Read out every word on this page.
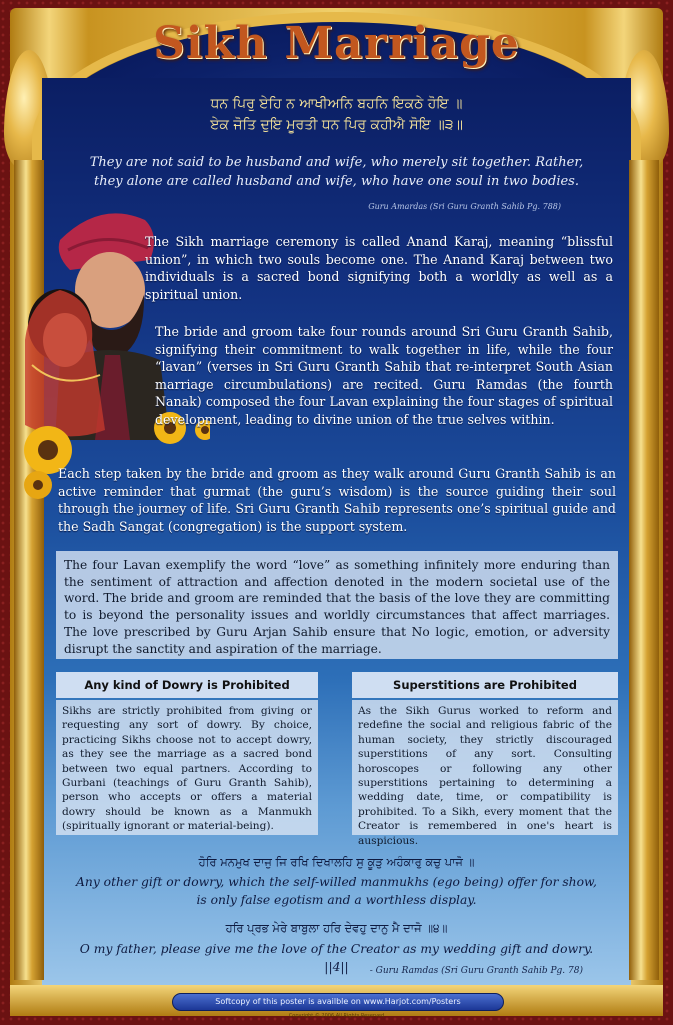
Sikh Marriage
ਧਨ ਪਿਰੁ ਏਹਿ ਨ ਆਖੀਅਨਿ ਬਹਨਿ ਇਕਠੇ ਹੋਇ ॥
ਏਕ ਜੋਤਿ ਦੁਇ ਮੂਰਤੀ ਧਨ ਪਿਰੁ ਕਹੀਐ ਸੋਇ ॥੩॥
They are not said to be husband and wife, who merely sit together. Rather,
they alone are called husband and wife, who have one soul in two bodies.
Guru Amardas (Sri Guru Granth Sahib Pg. 788)
The Sikh marriage ceremony is called Anand Karaj, meaning “blissful union”, in which two souls become one. The Anand Karaj between two individuals is a sacred bond signifying both a worldly as well as a spiritual union.
The bride and groom take four rounds around Sri Guru Granth Sahib, signifying their commitment to walk together in life, while the four “lavan” (verses in Sri Guru Granth Sahib that re-interpret South Asian marriage circumbulations) are recited. Guru Ramdas (the fourth Nanak) composed the four Lavan explaining the four stages of spiritual development, leading to divine union of the true selves within.
Each step taken by the bride and groom as they walk around Guru Granth Sahib is an active reminder that gurmat (the guru’s wisdom) is the source guiding their soul through the journey of life. Sri Guru Granth Sahib represents one’s spiritual guide and the Sadh Sangat (congregation) is the support system.
The four Lavan exemplify the word “love” as something infinitely more enduring than the sentiment of attraction and affection denoted in the modern societal use of the word. The bride and groom are reminded that the basis of the love they are committing to is beyond the personality issues and worldly circumstances that affect marriages. The love prescribed by Guru Arjan Sahib ensure that No logic, emotion, or adversity disrupt the sanctity and aspiration of the marriage.
Any kind of Dowry is Prohibited
Sikhs are strictly prohibited from giving or requesting any sort of dowry. By choice, practicing Sikhs choose not to accept dowry, as they see the marriage as a sacred bond between two equal partners. According to Gurbani (teachings of Guru Granth Sahib), person who accepts or offers a material dowry should be known as a Manmukh (spiritually ignorant or material-being).
Superstitions are Prohibited
As the Sikh Gurus worked to reform and redefine the social and religious fabric of the human society, they strictly discouraged superstitions of any sort. Consulting horoscopes or following any other superstitions pertaining to determining a wedding date, time, or compatibility is prohibited. To a Sikh, every moment that the Creator is remembered in one's heart is auspicious.
ਹੋਰਿ ਮਨਮੁਖ ਦਾਜੁ ਜਿ ਰਖਿ ਦਿਖਾਲਹਿ ਸੁ ਕੂੜੁ ਅਹੰਕਾਰੁ ਕਚੁ ਪਾਜੋ ॥
Any other gift or dowry, which the self-willed manmukhs (ego being) offer for show, is only false egotism and a worthless display.
ਹਰਿ ਪ੍ਰਭ ਮੇਰੇ ਬਾਬੁਲਾ ਹਰਿ ਦੇਵਹੁ ਦਾਨੁ ਮੈ ਦਾਜੋ ॥੪॥
O my father, please give me the love of the Creator as my wedding gift and dowry. ||4||	- Guru Ramdas (Sri Guru Granth Sahib Pg. 78)
Softcopy of this poster is availble on www.Harjot.com/Posters
Copyright © 2006 All Rights Reserved
